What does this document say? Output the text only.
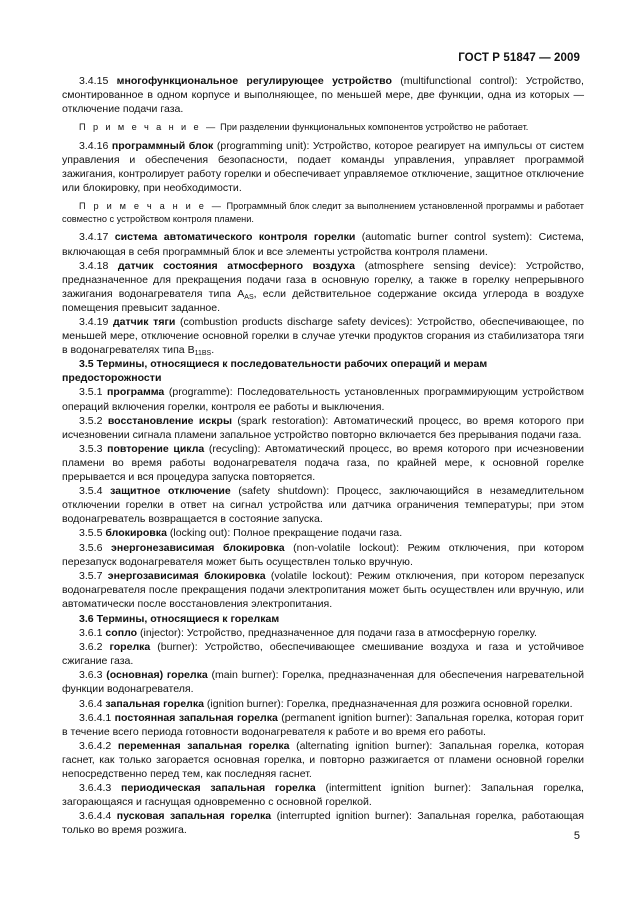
ГОСТ Р 51847 — 2009

3.4.15 многофункциональное регулирующее устройство (multifunctional control): Устройство, смонтированное в одном корпусе и выполняющее, по меньшей мере, две функции, одна из которых — отключение подачи газа.

П р и м е ч а н и е — При разделении функциональных компонентов устройство не работает.

3.4.16 программный блок (programming unit): Устройство, которое реагирует на импульсы от систем управления и обеспечения безопасности, подает команды управления, управляет программой зажигания, контролирует работу горелки и обеспечивает управляемое отключение, защитное отключение или блокировку, при необходимости.

П р и м е ч а н и е — Программный блок следит за выполнением установленной программы и работает совместно с устройством контроля пламени.

3.4.17 система автоматического контроля горелки (automatic burner control system): Система, включающая в себя программный блок и все элементы устройства контроля пламени.

3.4.18 датчик состояния атмосферного воздуха (atmosphere sensing device): Устройство, предназначенное для прекращения подачи газа в основную горелку, а также в горелку непрерывного зажигания водонагревателя типа $A_{AS}$, если действительное содержание оксида углерода в воздухе помещения превысит заданное.

3.4.19 датчик тяги (combustion products discharge safety devices): Устройство, обеспечивающее, по меньшей мере, отключение основной горелки в случае утечки продуктов сгорания из стабилизатора тяги в водонагревателях типа $B_{11BS}$.

3.5 Термины, относящиеся к последовательности рабочих операций и мерам предосторожности

3.5.1 программа (programme): Последовательность установленных программирующим устройством операций включения горелки, контроля ее работы и выключения.

3.5.2 восстановление искры (spark restoration): Автоматический процесс, во время которого при исчезновении сигнала пламени запальное устройство повторно включается без прерывания подачи газа.

3.5.3 повторение цикла (recycling): Автоматический процесс, во время которого при исчезновении пламени во время работы водонагревателя подача газа, по крайней мере, к основной горелке прерывается и вся процедура запуска повторяется.

3.5.4 защитное отключение (safety shutdown): Процесс, заключающийся в незамедлительном отключении горелки в ответ на сигнал устройства или датчика ограничения температуры; при этом водонагреватель возвращается в состояние запуска.

3.5.5 блокировка (locking out): Полное прекращение подачи газа.

3.5.6 энергонезависимая блокировка (non-volatile lockout): Режим отключения, при котором перезапуск водонагревателя может быть осуществлен только вручную.

3.5.7 энергозависимая блокировка (volatile lockout): Режим отключения, при котором перезапуск водонагревателя после прекращения подачи электропитания может быть осуществлен или вручную, или автоматически после восстановления электропитания.

3.6 Термины, относящиеся к горелкам

3.6.1 сопло (injector): Устройство, предназначенное для подачи газа в атмосферную горелку.

3.6.2 горелка (burner): Устройство, обеспечивающее смешивание воздуха и газа и устойчивое сжигание газа.

3.6.3 (основная) горелка (main burner): Горелка, предназначенная для обеспечения нагревательной функции водонагревателя.

3.6.4 запальная горелка (ignition burner): Горелка, предназначенная для розжига основной горелки.

3.6.4.1 постоянная запальная горелка (permanent ignition burner): Запальная горелка, которая горит в течение всего периода готовности водонагревателя к работе и во время его работы.

3.6.4.2 переменная запальная горелка (alternating ignition burner): Запальная горелка, которая гаснет, как только загорается основная горелка, и повторно разжигается от пламени основной горелки непосредственно перед тем, как последняя гаснет.

3.6.4.3 периодическая запальная горелка (intermittent ignition burner): Запальная горелка, загорающаяся и гаснущая одновременно с основной горелкой.

3.6.4.4 пусковая запальная горелка (interrupted ignition burner): Запальная горелка, работающая только во время розжига.	5
